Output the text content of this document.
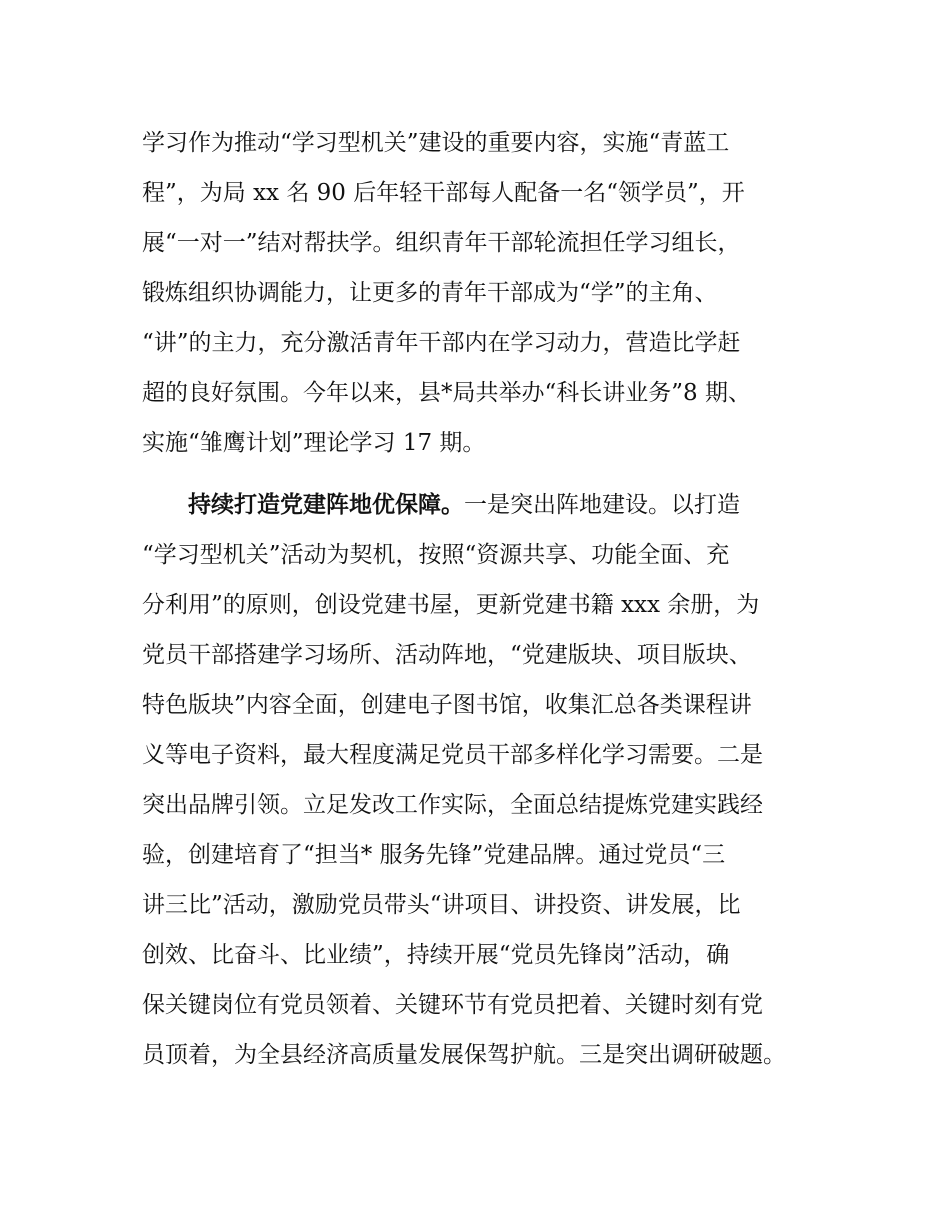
学习作为推动“学习型机关”建设的重要内容，实施“青蓝工
程”，为局 xx 名 90 后年轻干部每人配备一名“领学员”，开
展“一对一”结对帮扶学。组织青年干部轮流担任学习组长，
锻炼组织协调能力，让更多的青年干部成为“学”的主角、
“讲”的主力，充分激活青年干部内在学习动力，营造比学赶
超的良好氛围。今年以来，县*局共举办“科长讲业务”8 期、
实施“雏鹰计划”理论学习 17 期。
持续打造党建阵地优保障。一是突出阵地建设。以打造
“学习型机关”活动为契机，按照“资源共享、功能全面、充
分利用”的原则，创设党建书屋，更新党建书籍 xxx 余册，为
党员干部搭建学习场所、活动阵地，“党建版块、项目版块、
特色版块”内容全面，创建电子图书馆，收集汇总各类课程讲
义等电子资料，最大程度满足党员干部多样化学习需要。二是
突出品牌引领。立足发改工作实际，全面总结提炼党建实践经
验，创建培育了“担当* 服务先锋”党建品牌。通过党员“三
讲三比”活动，激励党员带头“讲项目、讲投资、讲发展，比
创效、比奋斗、比业绩”，持续开展“党员先锋岗”活动，确
保关键岗位有党员领着、关键环节有党员把着、关键时刻有党
员顶着，为全县经济高质量发展保驾护航。三是突出调研破题。
